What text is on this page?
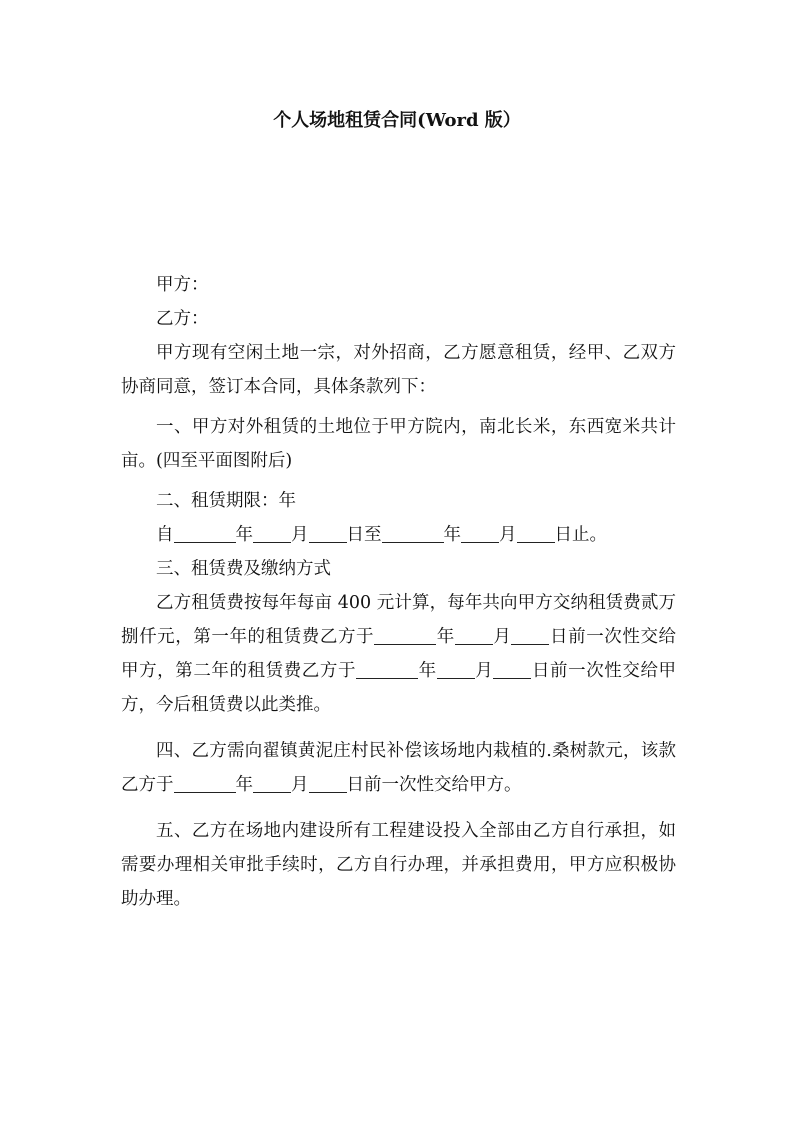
个人场地租赁合同(Word 版）

甲方：

乙方：

甲方现有空闲土地一宗，对外招商，乙方愿意租赁，经甲、乙双方协商同意，签订本合同，具体条款列下：

一、甲方对外租赁的土地位于甲方院内，南北长米，东西宽米共计亩。(四至平面图附后)

二、租赁期限：年

自	年 月 日至	年 月 日止。

三、租赁费及缴纳方式

乙方租赁费按每年每亩 400 元计算，每年共向甲方交纳租赁费贰万捌仟元，第一年的租赁费乙方于	年 月 日前一次性交给甲方，第二年的租赁费乙方于	年 月 日前一次性交给甲方，今后租赁费以此类推。

四、乙方需向翟镇黄泥庄村民补偿该场地内栽植的.桑树款元，该款乙方于	年 月 日前一次性交给甲方。

五、乙方在场地内建设所有工程建设投入全部由乙方自行承担，如需要办理相关审批手续时，乙方自行办理，并承担费用，甲方应积极协助办理。
